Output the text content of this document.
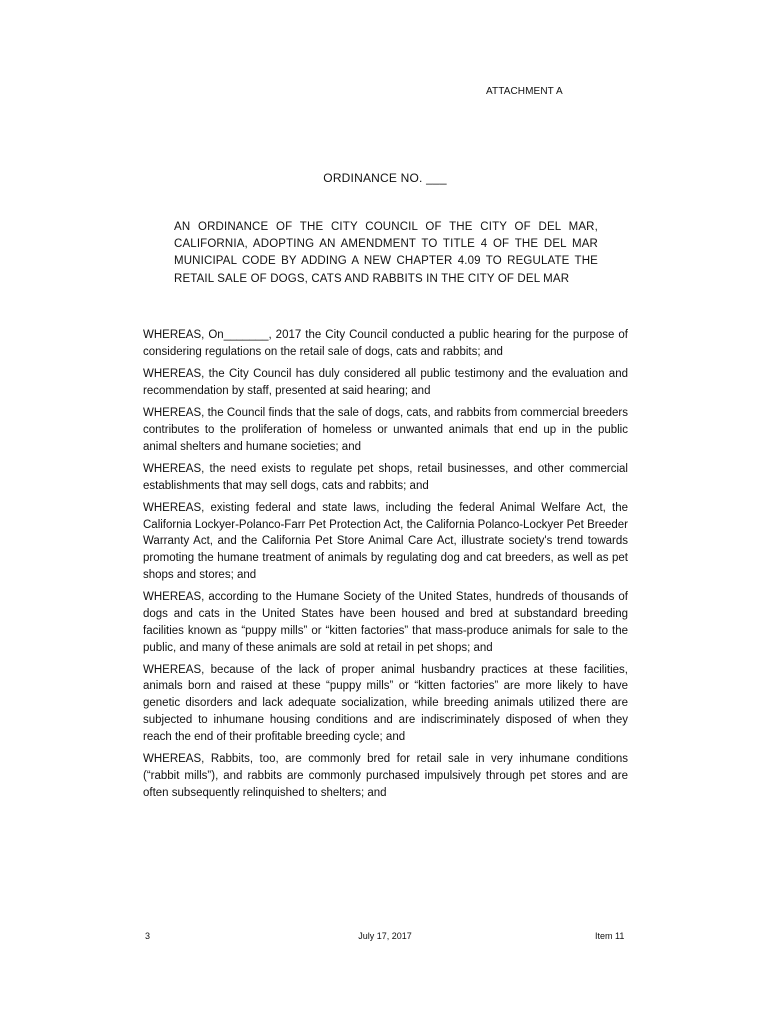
ATTACHMENT A
ORDINANCE NO. ___
AN ORDINANCE OF THE CITY COUNCIL OF THE CITY OF DEL MAR, CALIFORNIA, ADOPTING AN AMENDMENT TO TITLE 4 OF THE DEL MAR MUNICIPAL CODE BY ADDING A NEW CHAPTER 4.09 TO REGULATE THE RETAIL SALE OF DOGS, CATS AND RABBITS IN THE CITY OF DEL MAR

WHEREAS, On_______, 2017 the City Council conducted a public hearing for the purpose of considering regulations on the retail sale of dogs, cats and rabbits; and

WHEREAS, the City Council has duly considered all public testimony and the evaluation and recommendation by staff, presented at said hearing; and

WHEREAS, the Council finds that the sale of dogs, cats, and rabbits from commercial breeders contributes to the proliferation of homeless or unwanted animals that end up in the public animal shelters and humane societies; and

WHEREAS, the need exists to regulate pet shops, retail businesses, and other commercial establishments that may sell dogs, cats and rabbits; and

WHEREAS, existing federal and state laws, including the federal Animal Welfare Act, the California Lockyer-Polanco-Farr Pet Protection Act, the California Polanco-Lockyer Pet Breeder Warranty Act, and the California Pet Store Animal Care Act, illustrate society's trend towards promoting the humane treatment of animals by regulating dog and cat breeders, as well as pet shops and stores; and

WHEREAS, according to the Humane Society of the United States, hundreds of thousands of dogs and cats in the United States have been housed and bred at substandard breeding facilities known as “puppy mills” or “kitten factories” that mass-produce animals for sale to the public, and many of these animals are sold at retail in pet shops; and

WHEREAS, because of the lack of proper animal husbandry practices at these facilities, animals born and raised at these “puppy mills” or “kitten factories” are more likely to have genetic disorders and lack adequate socialization, while breeding animals utilized there are subjected to inhumane housing conditions and are indiscriminately disposed of when they reach the end of their profitable breeding cycle; and

WHEREAS, Rabbits, too, are commonly bred for retail sale in very inhumane conditions (“rabbit mills”), and rabbits are commonly purchased impulsively through pet stores and are often subsequently relinquished to shelters; and

3	July 17, 2017	Item 11
